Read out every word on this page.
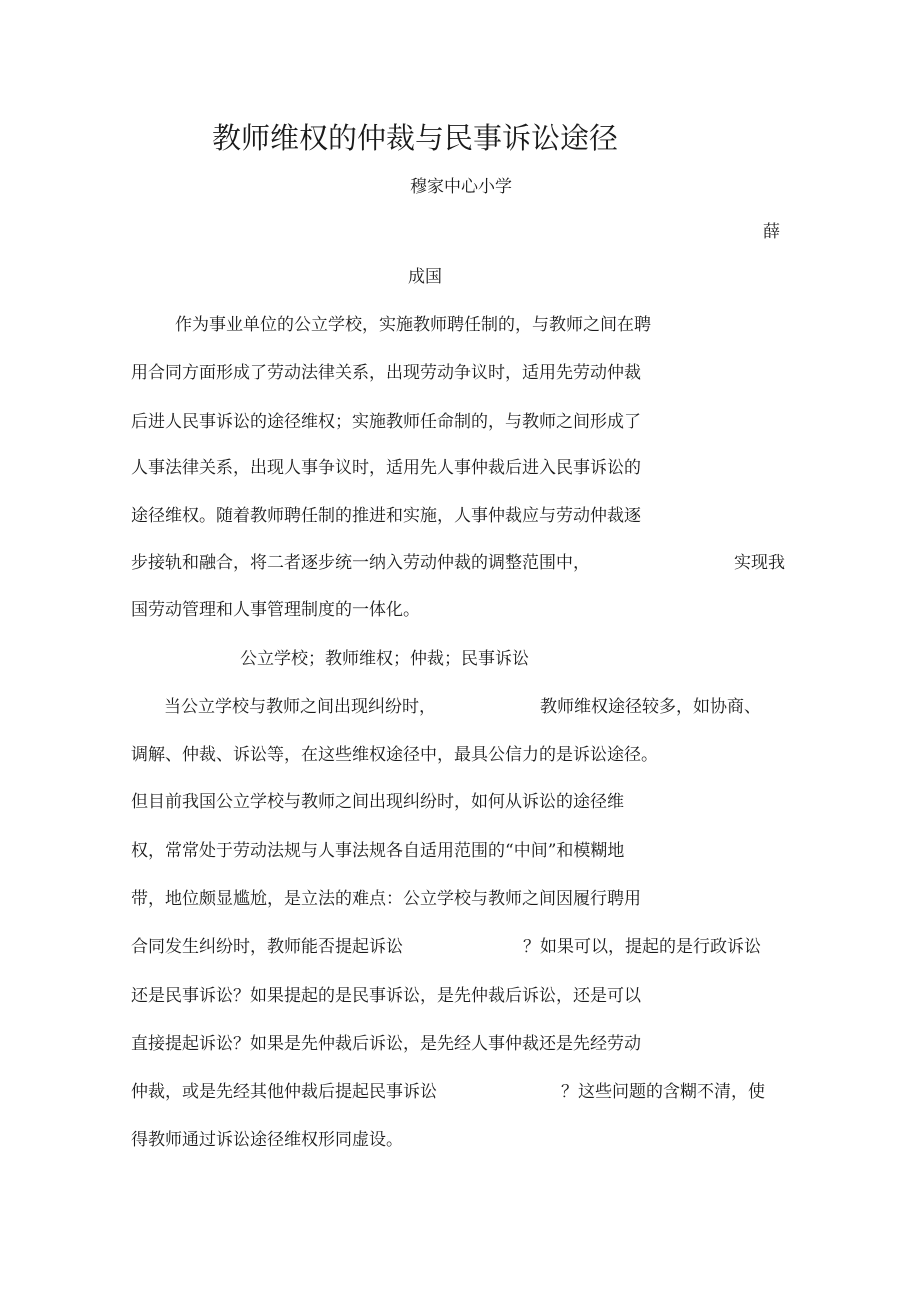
教师维权的仲裁与民事诉讼途径
穆家中心小学
薛
成国
作为事业单位的公立学校，实施教师聘任制的，与教师之间在聘
用合同方面形成了劳动法律关系，出现劳动争议时，适用先劳动仲裁
后进人民事诉讼的途径维权；实施教师任命制的，与教师之间形成了
人事法律关系，出现人事争议时，适用先人事仲裁后进入民事诉讼的
途径维权。随着教师聘任制的推进和实施，人事仲裁应与劳动仲裁逐
步接轨和融合，将二者逐步统一纳入劳动仲裁的调整范围中，	实现我
国劳动管理和人事管理制度的一体化。
公立学校；教师维权；仲裁；民事诉讼
当公立学校与教师之间出现纠纷时，	教师维权途径较多，如协商、
调解、仲裁、诉讼等，在这些维权途径中，最具公信力的是诉讼途径。
但目前我国公立学校与教师之间出现纠纷时，如何从诉讼的途径维
权，常常处于劳动法规与人事法规各自适用范围的“中间”和模糊地
带，地位颇显尴尬，是立法的难点：公立学校与教师之间因履行聘用
合同发生纠纷时，教师能否提起诉讼	？如果可以，提起的是行政诉讼
还是民事诉讼？如果提起的是民事诉讼，是先仲裁后诉讼，还是可以
直接提起诉讼？如果是先仲裁后诉讼，是先经人事仲裁还是先经劳动
仲裁，或是先经其他仲裁后提起民事诉讼	？这些问题的含糊不清，使
得教师通过诉讼途径维权形同虚设。
